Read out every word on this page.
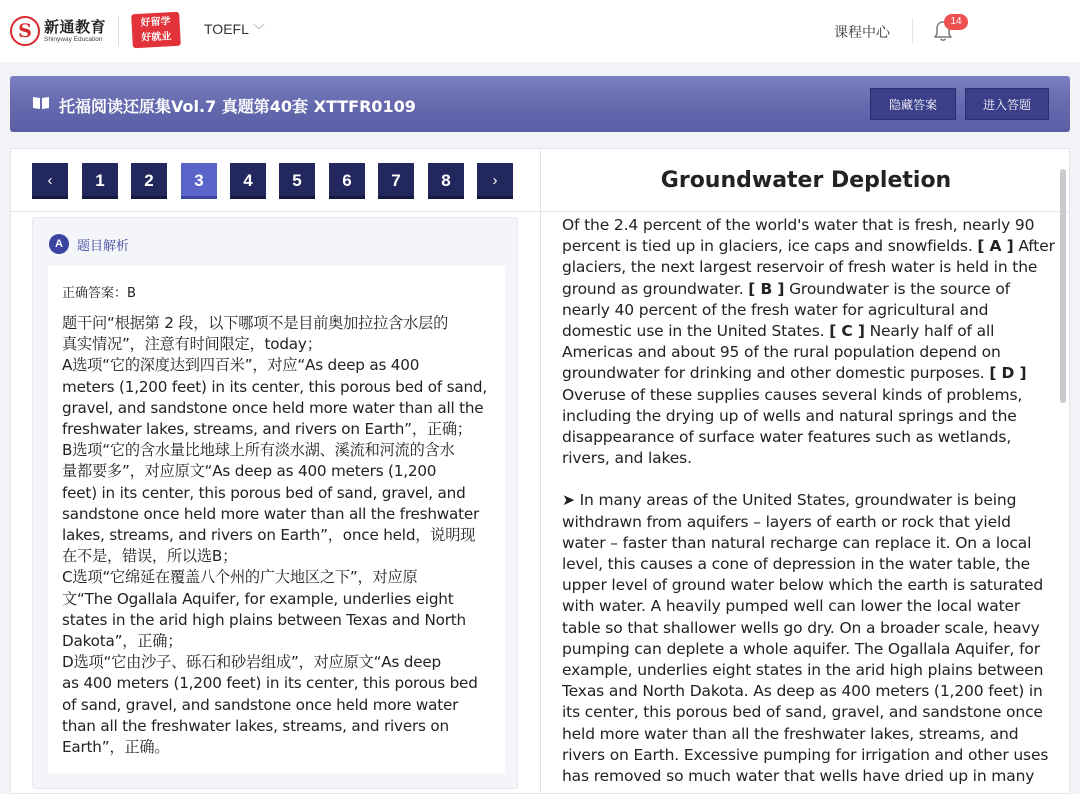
S 新通教育
Shinyway Education
好留学
好就业
TOEFL ﹀	课程中心
14
托福阅读还原集Vol.7 真题第40套 XTTFR0109	隐藏答案	进入答题
‹	1	2	3	4	5	6	7	8	›
A 题目解析
正确答案：B
题干问“根据第 2 段，以下哪项不是目前奥加拉拉含水层的
真实情况”，注意有时间限定，today；
A选项“它的深度达到四百米”，对应“As deep as 400
meters (1,200 feet) in its center, this porous bed of sand,
gravel, and sandstone once held more water than all the
freshwater lakes, streams, and rivers on Earth”，正确；
B选项“它的含水量比地球上所有淡水湖、溪流和河流的含水
量都要多”，对应原文“As deep as 400 meters (1,200
feet) in its center, this porous bed of sand, gravel, and
sandstone once held more water than all the freshwater
lakes, streams, and rivers on Earth”，once held，说明现
在不是，错误，所以选B；
C选项“它绵延在覆盖八个州的广大地区之下”，对应原
文“The Ogallala Aquifer, for example, underlies eight
states in the arid high plains between Texas and North
Dakota”，正确；
D选项“它由沙子、砾石和砂岩组成”，对应原文“As deep
as 400 meters (1,200 feet) in its center, this porous bed
of sand, gravel, and sandstone once held more water
than all the freshwater lakes, streams, and rivers on
Earth”，正确。
Groundwater Depletion
Of the 2.4 percent of the world's water that is fresh, nearly 90
percent is tied up in glaciers, ice caps and snowfields. [ A ] After
glaciers, the next largest reservoir of fresh water is held in the
ground as groundwater. [ B ] Groundwater is the source of
nearly 40 percent of the fresh water for agricultural and
domestic use in the United States. [ C ] Nearly half of all
Americas and about 95 of the rural population depend on
groundwater for drinking and other domestic purposes. [ D ]
Overuse of these supplies causes several kinds of problems,
including the drying up of wells and natural springs and the
disappearance of surface water features such as wetlands,
rivers, and lakes.
➤ In many areas of the United States, groundwater is being
withdrawn from aquifers – layers of earth or rock that yield
water – faster than natural recharge can replace it. On a local
level, this causes a cone of depression in the water table, the
upper level of ground water below which the earth is saturated
with water. A heavily pumped well can lower the local water
table so that shallower wells go dry. On a broader scale, heavy
pumping can deplete a whole aquifer. The Ogallala Aquifer, for
example, underlies eight states in the arid high plains between
Texas and North Dakota. As deep as 400 meters (1,200 feet) in
its center, this porous bed of sand, gravel, and sandstone once
held more water than all the freshwater lakes, streams, and
rivers on Earth. Excessive pumping for irrigation and other uses
has removed so much water that wells have dried up in many
